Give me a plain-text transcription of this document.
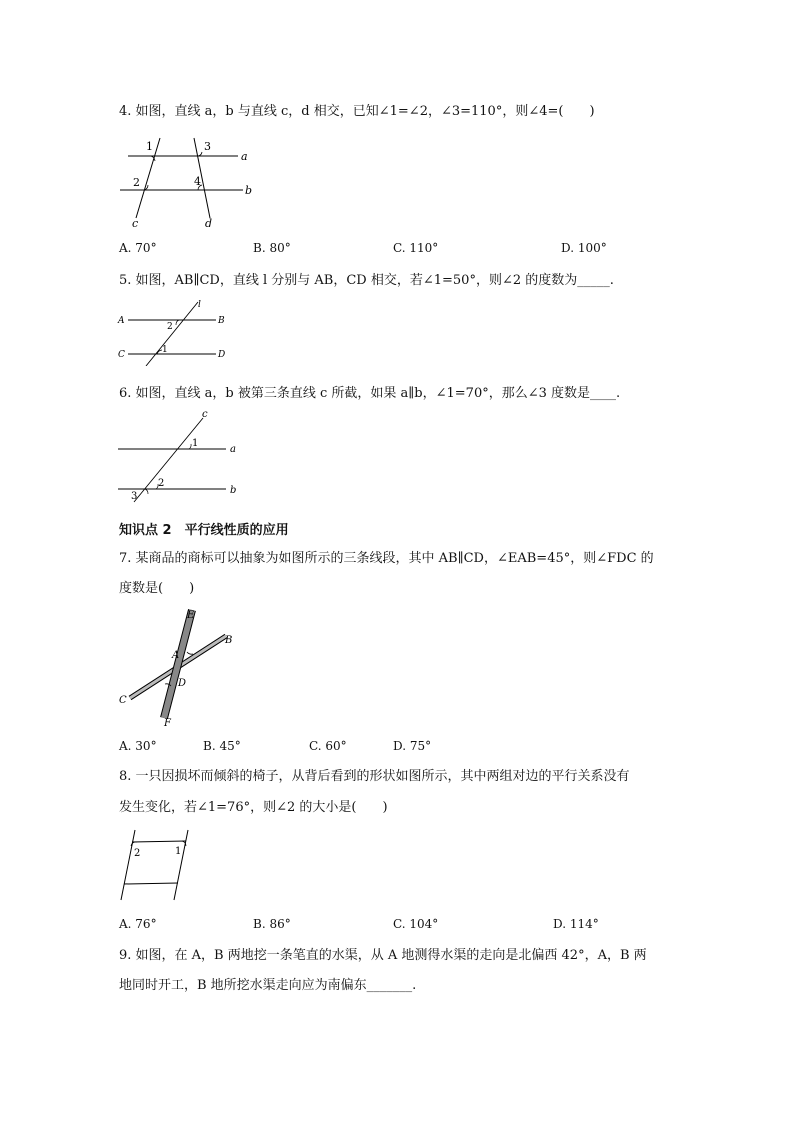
4. 如图，直线 a，b 与直线 c，d 相交，已知∠1=∠2，∠3=110°，则∠4=(　　)
1	3
2	4
a
b
c	d
A. 70°	B. 80°	C. 110°	D. 100°
5. 如图，AB∥CD，直线 l 分别与 AB，CD 相交，若∠1=50°，则∠2 的度数为_____.
A	B
C	D
l
2
1
6. 如图，直线 a，b 被第三条直线 c 所截，如果 a∥b，∠1=70°，那么∠3 度数是____.
c
a
b
1
2
3
知识点 2　平行线性质的应用
7. 某商品的商标可以抽象为如图所示的三条线段，其中 AB∥CD，∠EAB=45°，则∠FDC 的
度数是(　　)
E
A
B
D
C
F
A. 30°	B. 45°	C. 60°	D. 75°
8. 一只因损坏而倾斜的椅子，从背后看到的形状如图所示，其中两组对边的平行关系没有
发生变化，若∠1=76°，则∠2 的大小是(　　)
2	1
A. 76°	B. 86°	C. 104°	D. 114°
9. 如图，在 A，B 两地挖一条笔直的水渠，从 A 地测得水渠的走向是北偏西 42°，A，B 两
地同时开工，B 地所挖水渠走向应为南偏东_______.
